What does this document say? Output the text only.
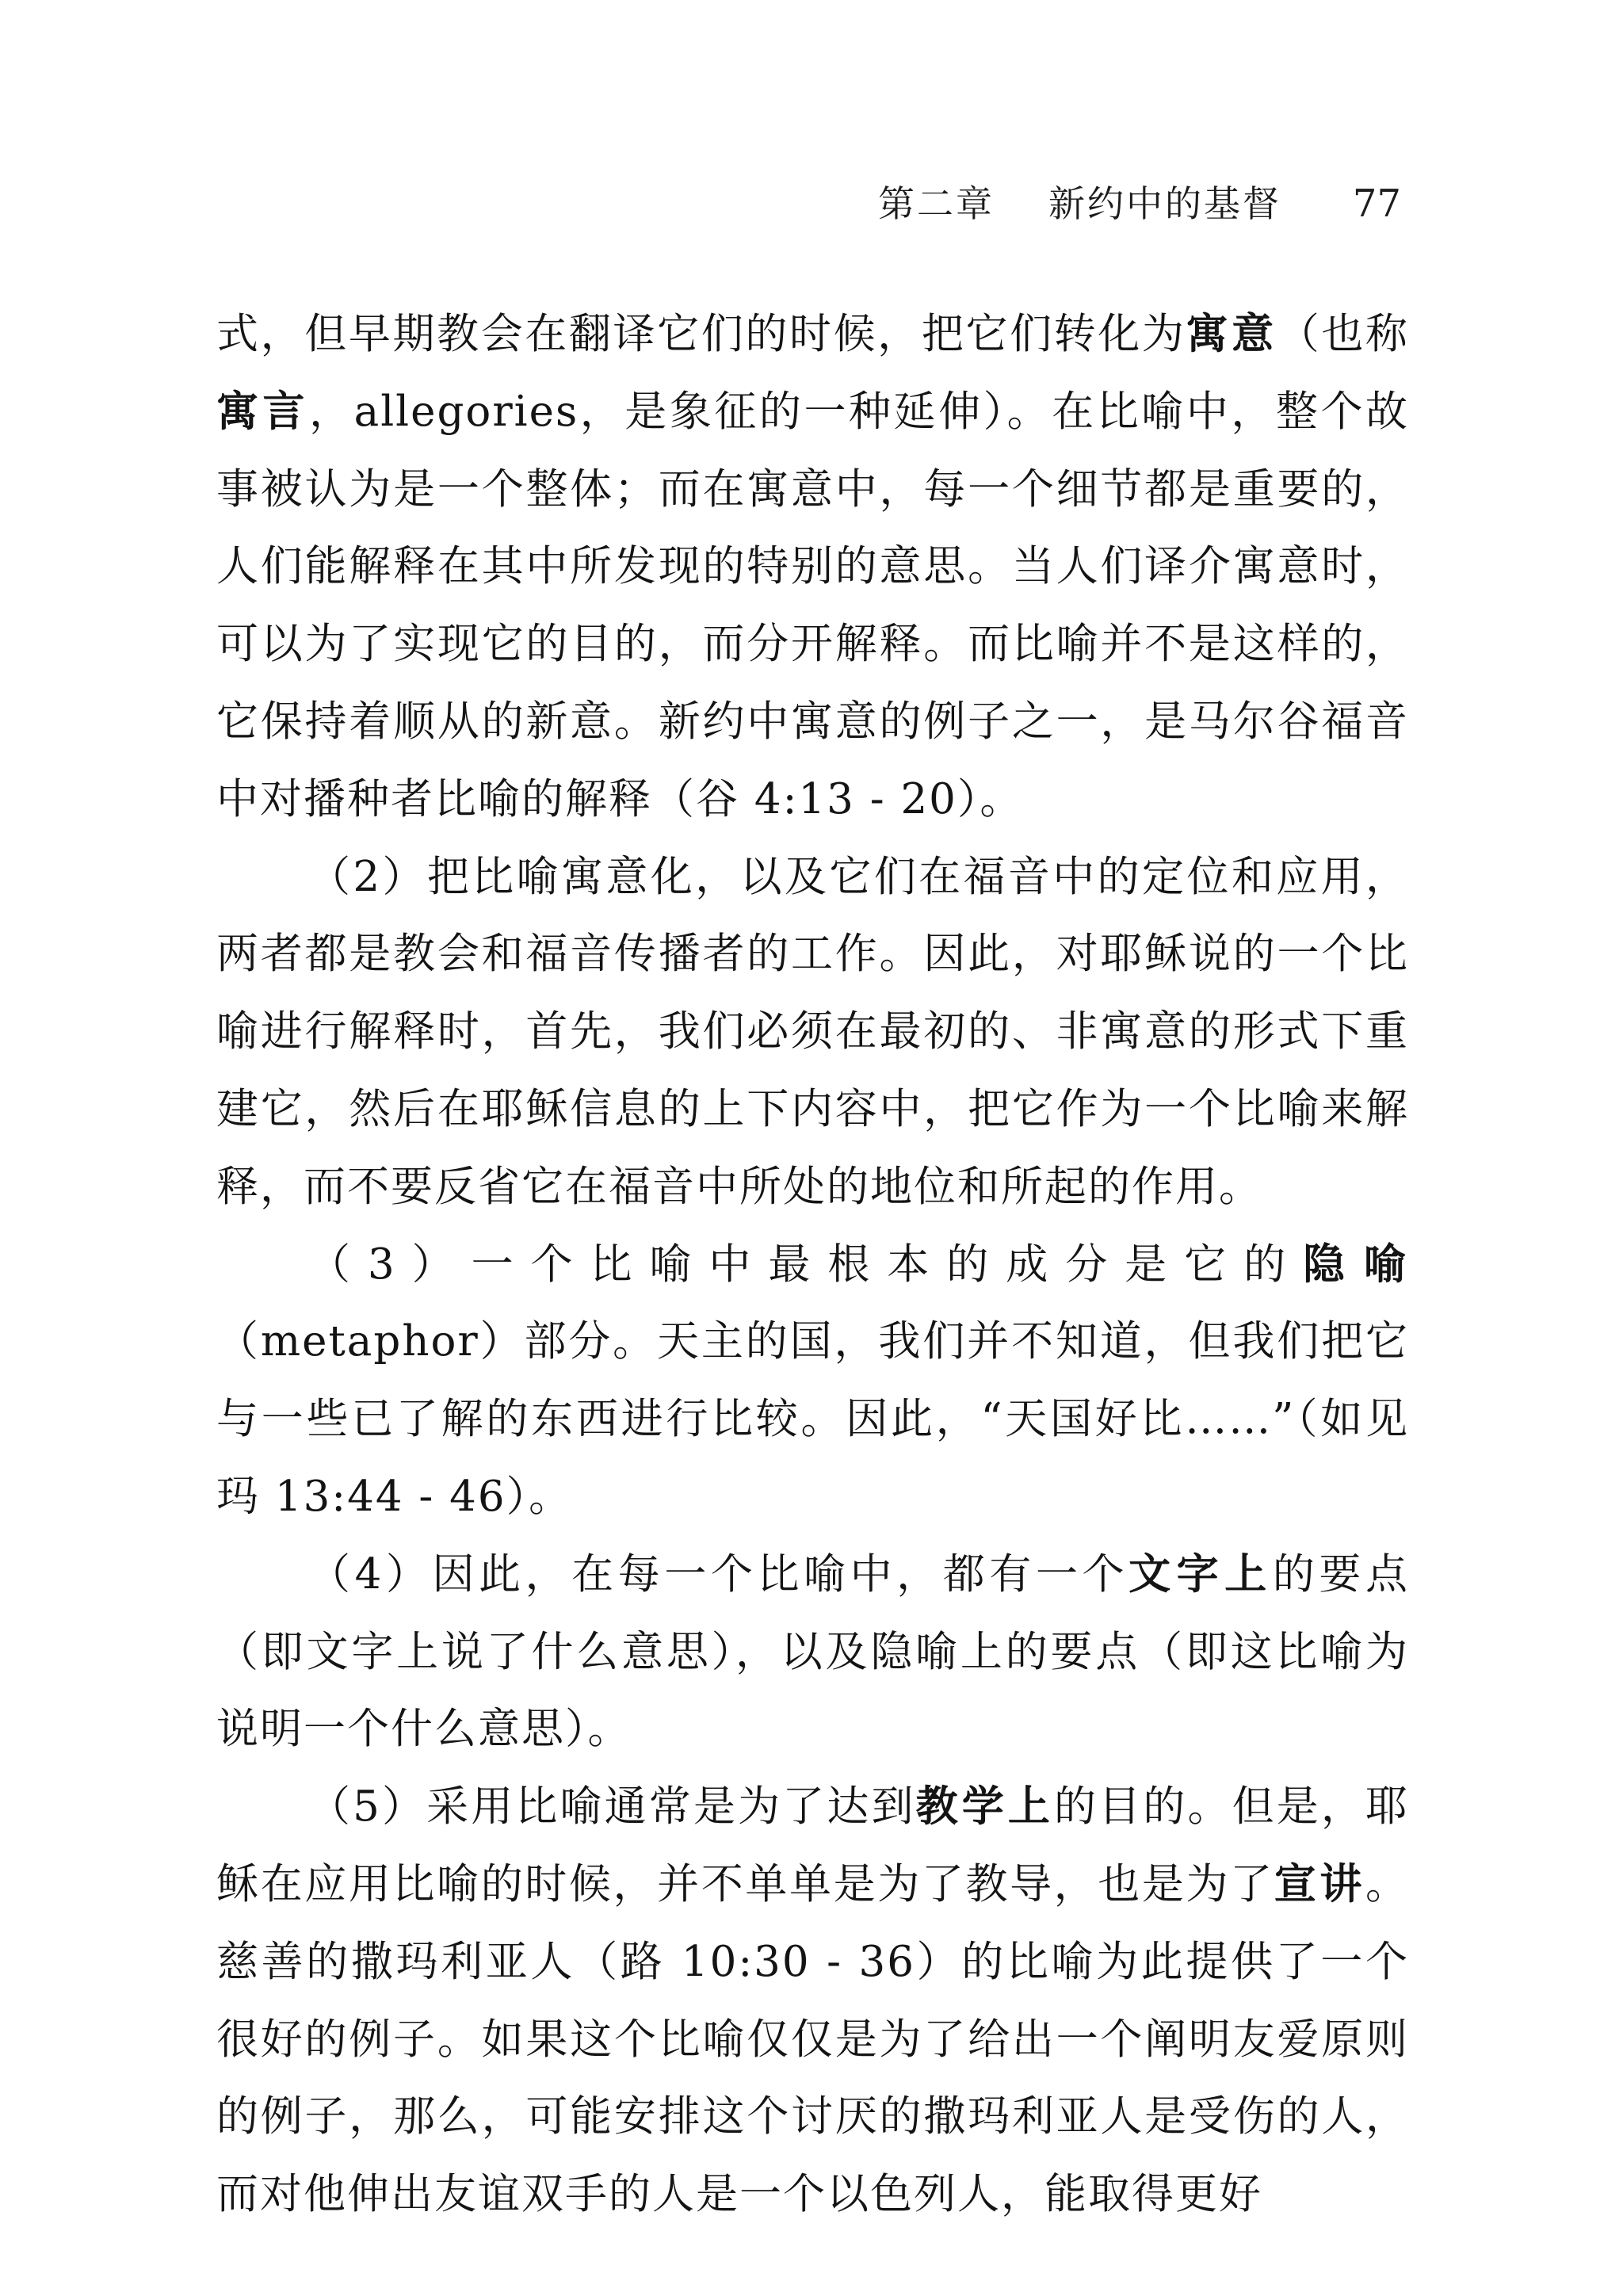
第二章 新约中的基督 77

式，但早期教会在翻译它们的时候，把它们转化为寓意（也称寓言，allegories，是象征的一种延伸）。在比喻中，整个故事被认为是一个整体；而在寓意中，每一个细节都是重要的，人们能解释在其中所发现的特别的意思。当人们译介寓意时，可以为了实现它的目的，而分开解释。而比喻并不是这样的，它保持着顺从的新意。新约中寓意的例子之一，是马尔谷福音中对播种者比喻的解释（谷 4:13 - 20）。

（2）把比喻寓意化，以及它们在福音中的定位和应用，两者都是教会和福音传播者的工作。因此，对耶稣说的一个比喻进行解释时，首先，我们必须在最初的、非寓意的形式下重建它，然后在耶稣信息的上下内容中，把它作为一个比喻来解释，而不要反省它在福音中所处的地位和所起的作用。

（3）一个比喻中最根本的成分是它的隐喻（metaphor）部分。天主的国，我们并不知道，但我们把它与一些已了解的东西进行比较。因此，“天国好比……”（如见玛 13:44 - 46）。

（4）因此，在每一个比喻中，都有一个文字上的要点（即文字上说了什么意思），以及隐喻上的要点（即这比喻为说明一个什么意思）。

（5）采用比喻通常是为了达到教学上的目的。但是，耶稣在应用比喻的时候，并不单单是为了教导，也是为了宣讲。慈善的撒玛利亚人（路 10:30 - 36）的比喻为此提供了一个很好的例子。如果这个比喻仅仅是为了给出一个阐明友爱原则的例子，那么，可能安排这个讨厌的撒玛利亚人是受伤的人，而对他伸出友谊双手的人是一个以色列人，能取得更好
